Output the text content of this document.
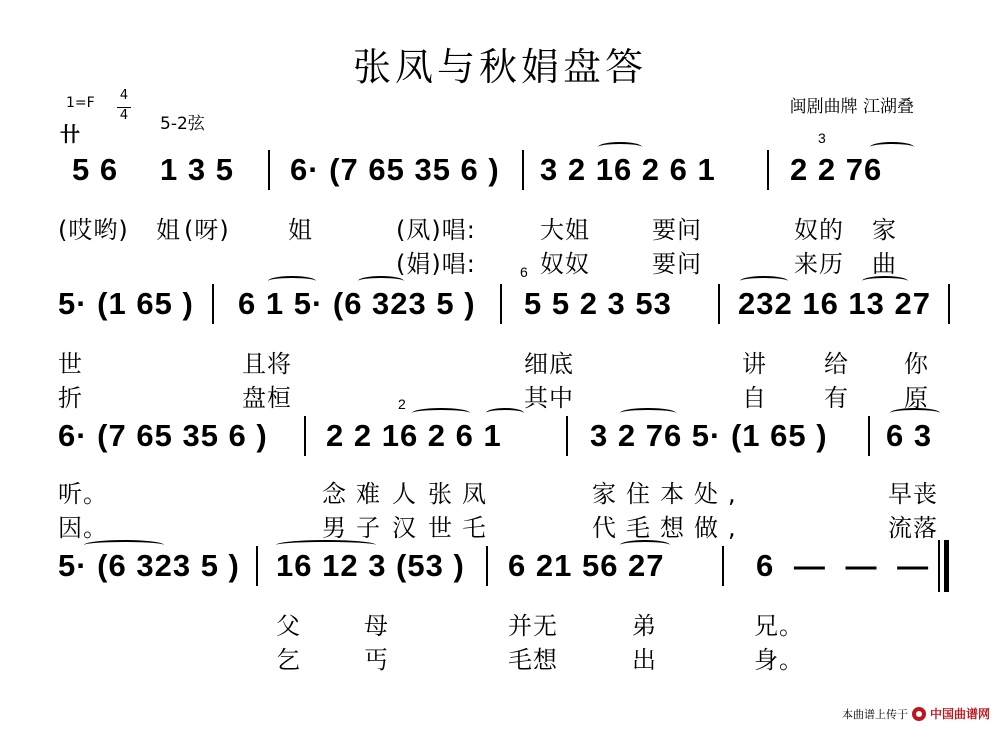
张凤与秋娟盘答
1=F 4
4 5-2弦
卄
闽剧曲牌 江湖叠
5 6 1 3 5 6· (7 65 35 6 ) 3 2 16 2 6 1
3
2 2 76
(哎哟) 姐 (呀) 姐	(凤)唱:	大姐	要问	奴的 家
(娟)唱:	奴奴	要问	来历 曲
5· (1 65 ) 6 1 5· (6 323 5 )
6
5 5 2 3 53 232 16 13 27
世	且将	细底	讲 给 你
折	盘桓	其中	自 有 原
6· (7 65 35 6 )
2
2 2 16 2 6 1	3 2 76 5· (1 65 ) 6 3
听。	念难 人 张凤	家住 本处,	早丧
因。	男子 汉 世乇	代毛 想做,	流落
5· (6 323 5 ) 16 12 3 (53 ) 6 21 56 27	6 — — —
父	母	并无	弟	兄。
乞	丐	毛想	出	身。
本曲谱上传于 中国曲谱网
